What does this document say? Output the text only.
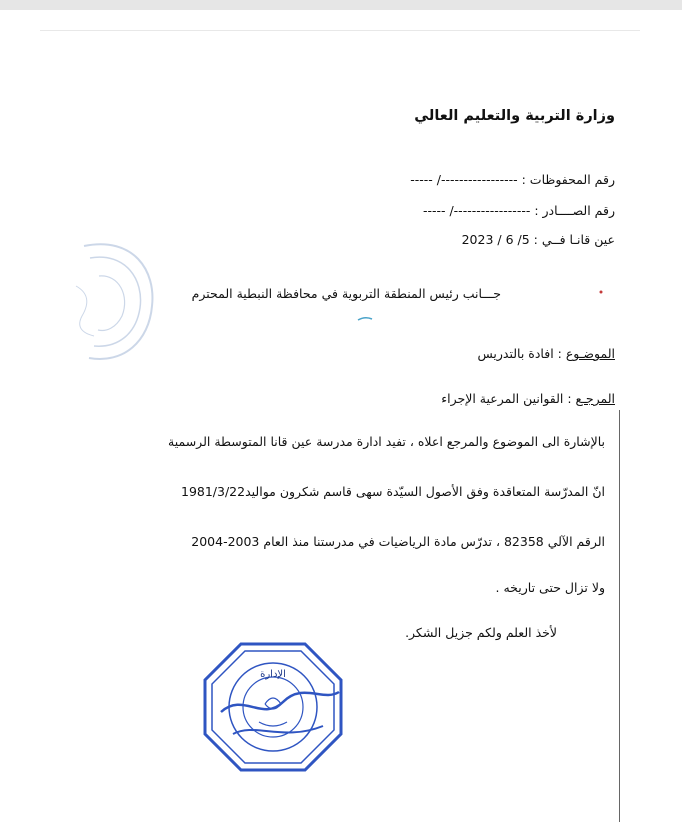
وزارة التربية والتعليم العالي
رقم المحفوظات : -----------------/ -----
رقم الصــــادر : -----------------/ -----
عين قانـا فــي : 5/ 6 / 2023
جـــانب رئيس المنطقة التربوية في محافظة النبطية المحترم
الموضـوع : افادة بالتدريس
المرجـع : القوانين المرعية الإجراء
بالإشارة الى الموضوع والمرجع اعلاه ، تفيد ادارة مدرسة عين قانا المتوسطة الرسمية
انّ المدرّسة المتعاقدة وفق الأصول السيّدة سهى قاسم شكرون مواليد1981/3/22
الرقم الآلي 82358 ، تدرّس مادة الرياضيات في مدرستنا منذ العام 2003-2004
ولا تزال حتى تاريخه .
لأخذ العلم ولكم جزيل الشكر.
الإدارة
